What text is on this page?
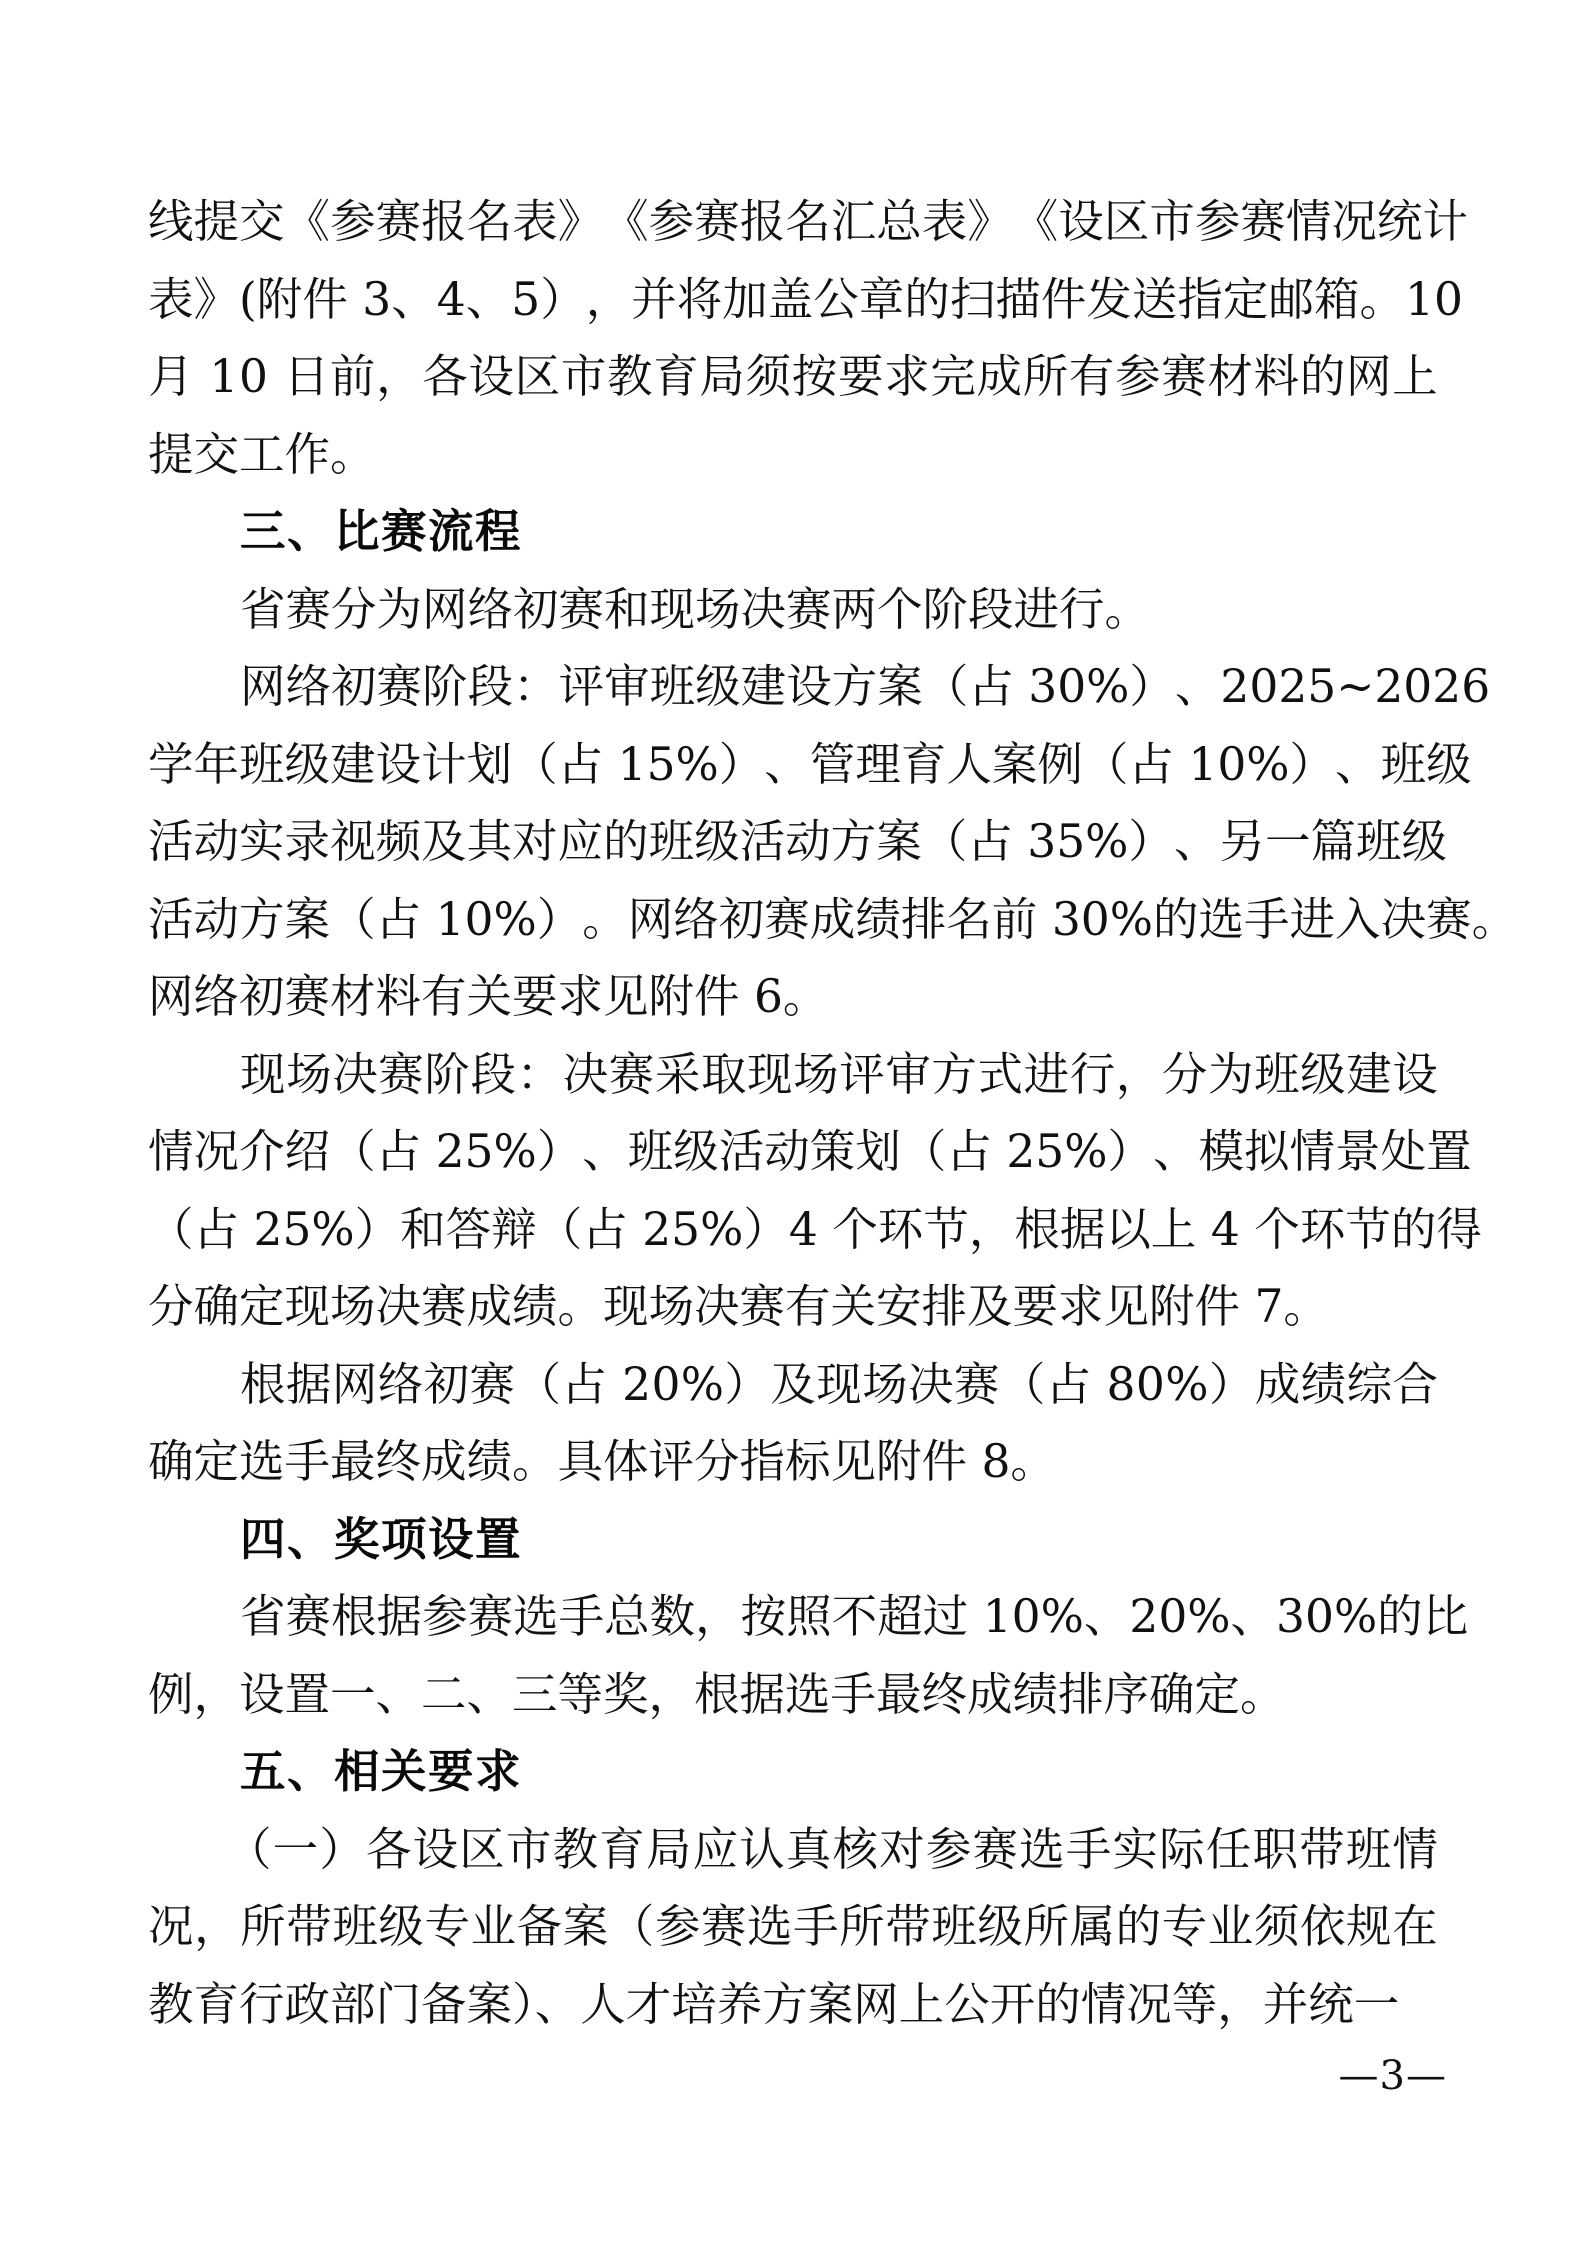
线 提 交 《 参 赛 报 名 表 》 《 参 赛 报 名 汇 总 表 》 《 设 区 市 参 赛 情 况 统 计
表 》 ( 附 件
3 、 4 、 5 ） ， 并 将 加 盖 公 章 的 扫 描 件 发 送 指 定 邮 箱 。 1 0
月
1 0
日 前 ， 各 设 区 市 教 育 局 须 按 要 求 完 成 所 有 参 赛 材 料 的 网 上
提交工作。
三、比赛流程
省赛分为网络初赛和现场决赛两个阶段进行。
网 络 初 赛 阶 段 ： 评 审 班 级 建 设 方 案 （ 占
3 0 % ） 、 2 0 2 5 ~ 2 0 2 6
学 年 班 级 建 设 计 划 （ 占
1 5 % ） 、 管 理 育 人 案 例 （ 占
1 0 % ） 、 班 级
活 动 实 录 视 频 及 其 对 应 的 班 级 活 动 方 案 （ 占
3 5 % ） 、 另 一 篇 班 级
活 动 方 案 （ 占
1 0 % ） 。 网 络 初 赛 成 绩 排 名 前
3 0 % 的 选 手 进 入 决 赛 。
网络初赛材料有关要求见附件 6。
现 场 决 赛 阶 段 ： 决 赛 采 取 现 场 评 审 方 式 进 行 ， 分 为 班 级 建 设
情 况 介 绍 （ 占
2 5 % ） 、 班 级 活 动 策 划 （ 占
2 5 % ） 、 模 拟 情 景 处 置
（ 占
2 5 % ） 和 答 辩 （ 占
2 5 % ） 4
个 环 节 ， 根 据 以 上
4
个 环 节 的 得
分确定现场决赛成绩。现场决赛有关安排及要求见附件 7。
根 据 网 络 初 赛 （ 占
2 0 % ） 及 现 场 决 赛 （ 占
8 0 % ） 成 绩 综 合
确定选手最终成绩。具体评分指标见附件 8。
四、奖项设置
省 赛 根 据 参 赛 选 手 总 数 ， 按 照 不 超 过
1 0 % 、 2 0 % 、 3 0 % 的 比
例，设置一、二、三等奖，根据选手最终成绩排序确定。
五、相关要求
（ 一 ） 各 设 区 市 教 育 局 应 认 真 核 对 参 赛 选 手 实 际 任 职 带 班 情
况 ， 所 带 班 级 专 业 备 案 （ 参 赛 选 手 所 带 班 级 所 属 的 专 业 须 依 规 在
教育行政部门备案）、人才培养方案网上公开的情况等，并统一
—3—
